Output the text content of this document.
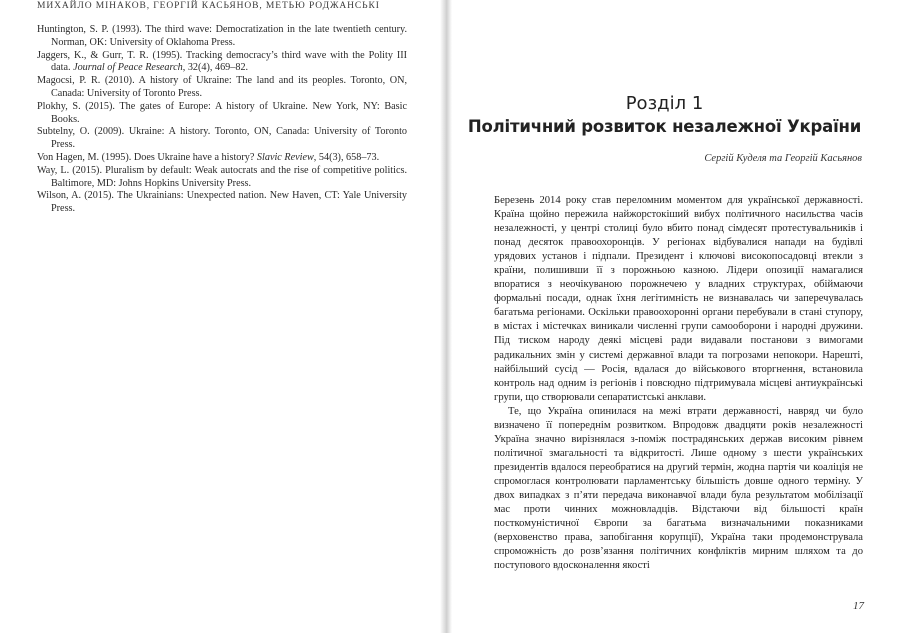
МИХАЙЛО МІНАКОВ, ГЕОРГІЙ КАСЬЯНОВ, МЕТЬЮ РОДЖАНСЬКІ
Huntington, S. P. (1993). The third wave: Democratization in the late twentieth century. Norman, OK: University of Oklahoma Press.
Jaggers, K., & Gurr, T. R. (1995). Tracking democracy’s third wave with the Polity III data. Journal of Peace Research, 32(4), 469–82.
Magocsi, P. R. (2010). A history of Ukraine: The land and its peoples. Toronto, ON, Canada: University of Toronto Press.
Plokhy, S. (2015). The gates of Europe: A history of Ukraine. New York, NY: Basic Books.
Subtelny, O. (2009). Ukraine: A history. Toronto, ON, Canada: University of Toronto Press.
Von Hagen, M. (1995). Does Ukraine have a history? Slavic Review, 54(3), 658–73.
Way, L. (2015). Pluralism by default: Weak autocrats and the rise of competitive politics. Baltimore, MD: Johns Hopkins University Press.
Wilson, A. (2015). The Ukrainians: Unexpected nation. New Haven, CT: Yale University Press.
Розділ 1
Політичний розвиток незалежної України
Сергій Куделя та Георгій Касьянов

Березень 2014 року став переломним моментом для української державності. Країна щойно пережила найжорстокіший вибух політичного насильства часів незалежності, у центрі столиці було вбито понад сімдесят протестувальників і понад десяток правоохоронців. У регіонах відбувалися напади на будівлі урядових установ і підпали. Президент і ключові високопосадовці втекли з країни, полишивши її з порожньою казною. Лідери опозиції намагалися впоратися з неочікуваною порожнечею у владних структурах, обіймаючи формальні посади, однак їхня легітимність не визнавалась чи заперечувалась багатьма регіонами. Оскільки правоохоронні органи перебували в стані ступору, в містах і містечках виникали численні групи самооборони і народні дружини. Під тиском народу деякі місцеві ради видавали постанови з вимогами радикальних змін у системі державної влади та погрозами непокори. Нарешті, найбільший сусід — Росія, вдалася до військового вторгнення, встановила контроль над одним із регіонів і повсюдно підтримувала місцеві антиукраїнські групи, що створювали сепаратистські анклави.

Те, що Україна опинилася на межі втрати державності, навряд чи було визначено її попереднім розвитком. Впродовж двадцяти років незалежності Україна значно вирізнялася з-поміж пострадянських держав високим рівнем політичної змагальності та відкритості. Лише одному з шести українських президентів вдалося переобратися на другий термін, жодна партія чи коаліція не спромоглася контролювати парламентську більшість довше одного терміну. У двох випадках з п’яти передача виконавчої влади була результатом мобілізації мас проти чинних можновладців. Відстаючи від більшості країн посткомуністичної Європи за багатьма визначальними показниками (верховенство права, запобігання корупції), Україна таки продемонструвала спроможність до розв’язання політичних конфліктів мирним шляхом та до поступового вдосконалення якості

17
